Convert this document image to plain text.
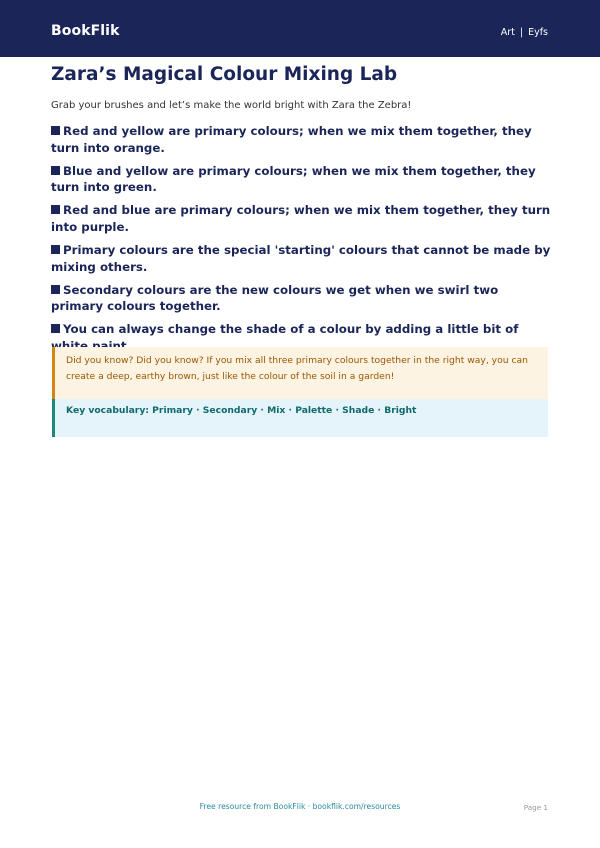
BookFlik	Art | Eyfs
Zara’s Magical Colour Mixing Lab
Grab your brushes and let’s make the world bright with Zara the Zebra!
Red and yellow are primary colours; when we mix them together, they turn into orange.
Blue and yellow are primary colours; when we mix them together, they turn into green.
Red and blue are primary colours; when we mix them together, they turn into purple.
Primary colours are the special 'starting' colours that cannot be made by mixing others.
Secondary colours are the new colours we get when we swirl two primary colours together.
You can always change the shade of a colour by adding a little bit of
Did you know? Did you know? If you mix all three primary colours together in the right way, you can create a deep, earthy brown, just like the colour of the soil in a garden!
Key vocabulary: Primary · Secondary · Mix · Palette · Shade · Bright
Free resource from BookFlik · bookflik.com/resources	Page 1
